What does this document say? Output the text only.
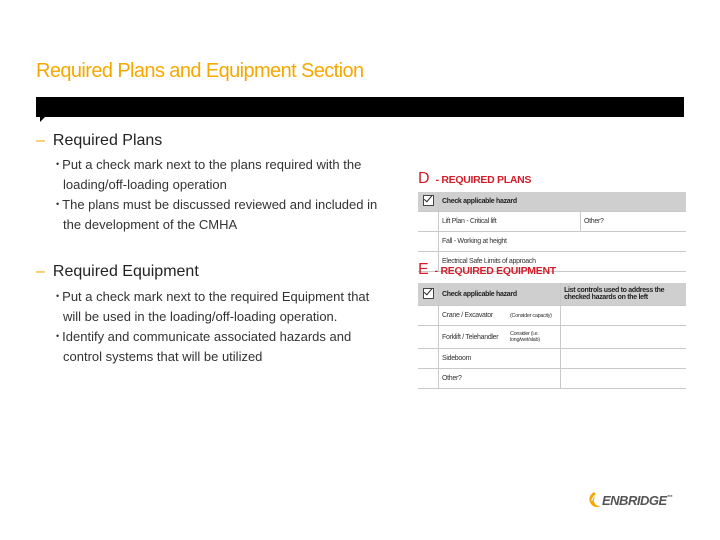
Required Plans and Equipment Section
– Required Plans
• Put a check mark next to the plans required with the
loading/off-loading operation
• The plans must be discussed reviewed and included in
the development of the CMHA
– Required Equipment
• Put a check mark next to the required Equipment that
will be used in the loading/off-loading operation.
• Identify and communicate associated hazards and
control systems that will be utilized
D - REQUIRED PLANS
	Check applicable hazard	
	Lift Plan - Critical lift	Other?
	Fall - Working at height	
	Electrical Safe Limits of approach	
E - REQUIRED EQUIPMENT
	Check applicable hazard		List controls used to address the checked hazards on the left
	Crane / Excavator	(Consider capacity)	
	Forklift / Telehandler	Consider (i.e. long/wet/slab)	
	Sideboom		
	Other?		
ENBRIDGE™
